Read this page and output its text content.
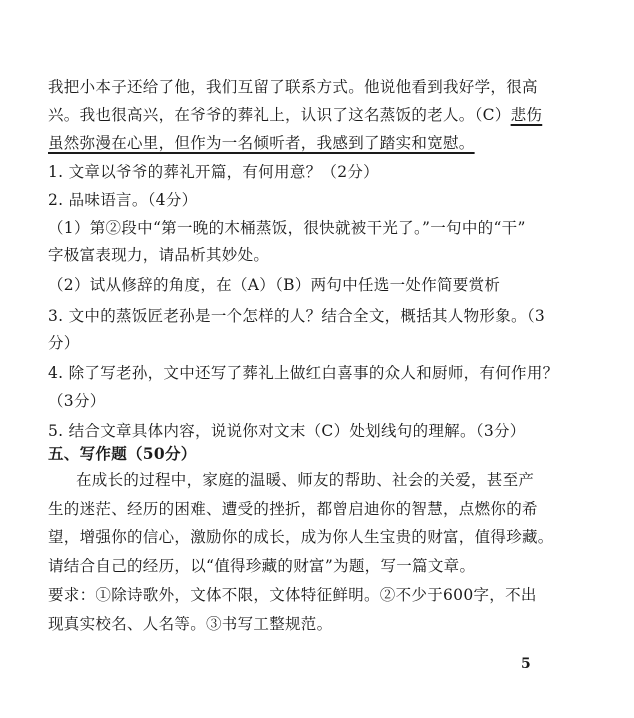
我把小本子还给了他，我们互留了联系方式。他说他看到我好学，很高
兴。我也很高兴，在爷爷的葬礼上，认识了这名蒸饭的老人。（C）悲伤
虽然弥漫在心里，但作为一名倾听者，我感到了踏实和宽慰。
1. 文章以爷爷的葬礼开篇，有何用意？（2分）
2. 品味语言。（4分）
（1）第②段中“第一晚的木桶蒸饭，很快就被干光了。”一句中的“干”
字极富表现力，请品析其妙处。
（2）试从修辞的角度，在（A）（B）两句中任选一处作简要赏析
3. 文中的蒸饭匠老孙是一个怎样的人？结合全文，概括其人物形象。（3
分）
4. 除了写老孙，文中还写了葬礼上做红白喜事的众人和厨师，有何作用？
（3分）
5. 结合文章具体内容，说说你对文末（C）处划线句的理解。（3分）
五、写作题（50分）
在成长的过程中，家庭的温暖、师友的帮助、社会的关爱，甚至产
生的迷茫、经历的困难、遭受的挫折，都曾启迪你的智慧，点燃你的希
望，增强你的信心，激励你的成长，成为你人生宝贵的财富，值得珍藏。
请结合自己的经历，以“值得珍藏的财富”为题，写一篇文章。
要求：①除诗歌外，文体不限，文体特征鲜明。②不少于600字，不出
现真实校名、人名等。③书写工整规范。
5
